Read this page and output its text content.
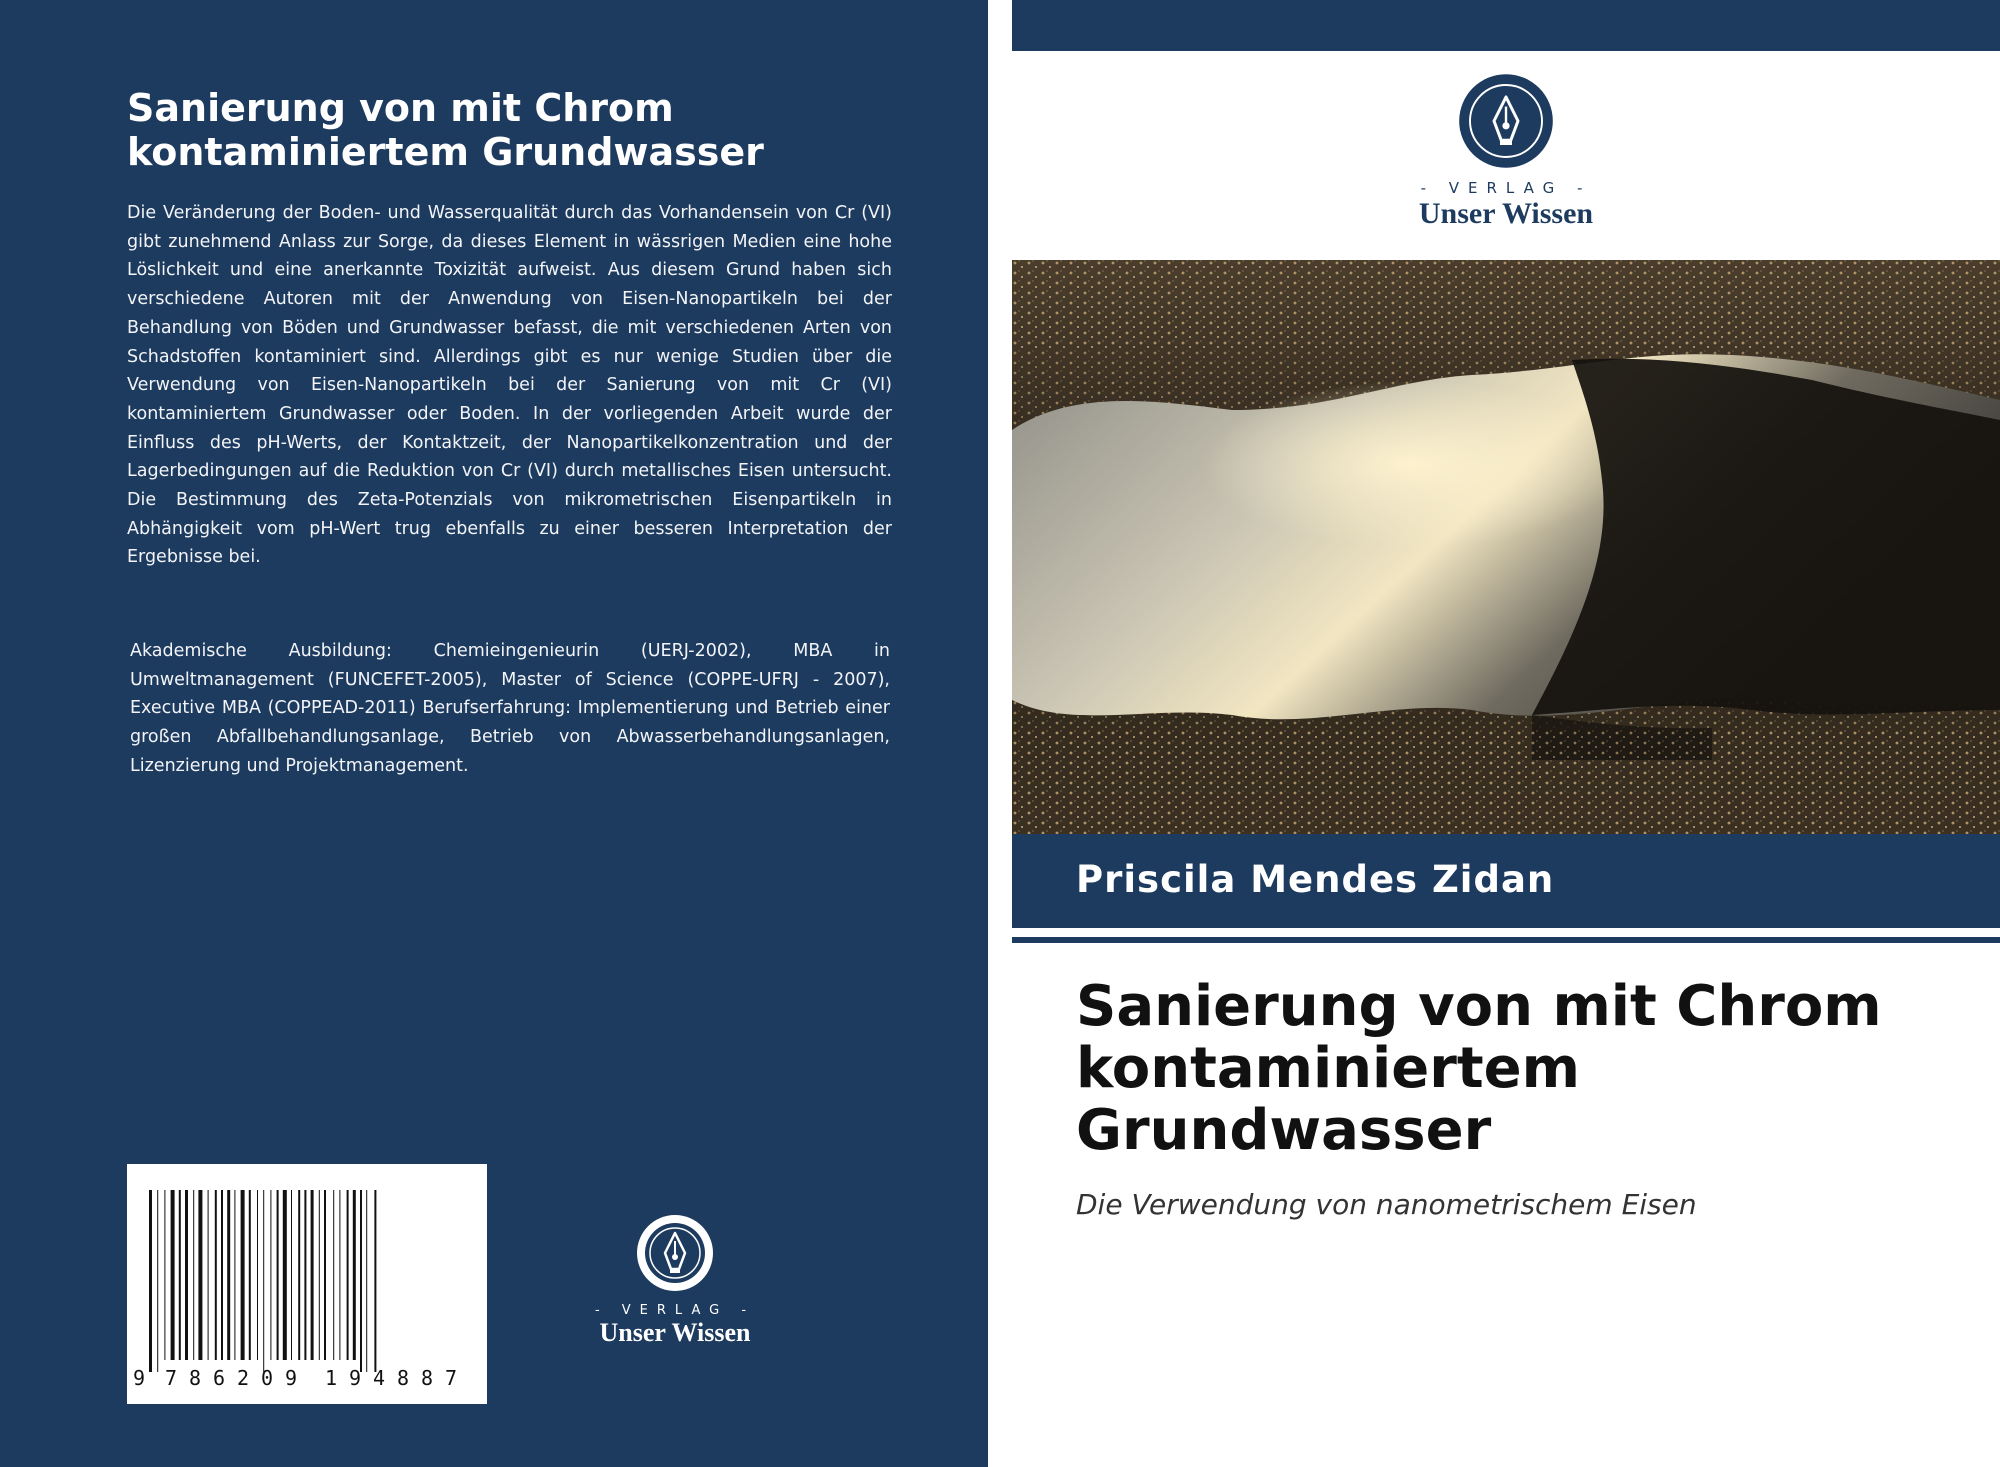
Sanierung von mit Chrom kontaminiertem Grundwasser

Die Veränderung der Boden- und Wasserqualität durch das Vorhandensein von Cr (VI) gibt zunehmend Anlass zur Sorge, da dieses Element in wässrigen Medien eine hohe Löslichkeit und eine anerkannte Toxizität aufweist. Aus diesem Grund haben sich verschiedene Autoren mit der Anwendung von Eisen-Nanopartikeln bei der Behandlung von Böden und Grundwasser befasst, die mit verschiedenen Arten von Schadstoffen kontaminiert sind. Allerdings gibt es nur wenige Studien über die Verwendung von Eisen-Nanopartikeln bei der Sanierung von mit Cr (VI) kontaminiertem Grundwasser oder Boden. In der vorliegenden Arbeit wurde der Einfluss des pH-Werts, der Kontaktzeit, der Nanopartikelkonzentration und der Lagerbedingungen auf die Reduktion von Cr (VI) durch metallisches Eisen untersucht. Die Bestimmung des Zeta-Potenzials von mikrometrischen Eisenpartikeln in Abhängigkeit vom pH-Wert trug ebenfalls zu einer besseren Interpretation der Ergebnisse bei.

Akademische Ausbildung: Chemieingenieurin (UERJ-2002), MBA in Umweltmanagement (FUNCEFET-2005), Master of Science (COPPE-UFRJ - 2007), Executive MBA (COPPEAD-2011) Berufserfahrung: Implementierung und Betrieb einer großen Abfallbehandlungsanlage, Betrieb von Abwasserbehandlungsanlagen, Lizenzierung und Projektmanagement.

9 7 8 6 2 0 9 1 9 4 8 8 7

- VERLAG -

Unser Wissen

- VERLAG -

Unser Wissen

Priscila Mendes Zidan

Sanierung von mit Chrom kontaminiertem Grundwasser

Die Verwendung von nanometrischem Eisen
